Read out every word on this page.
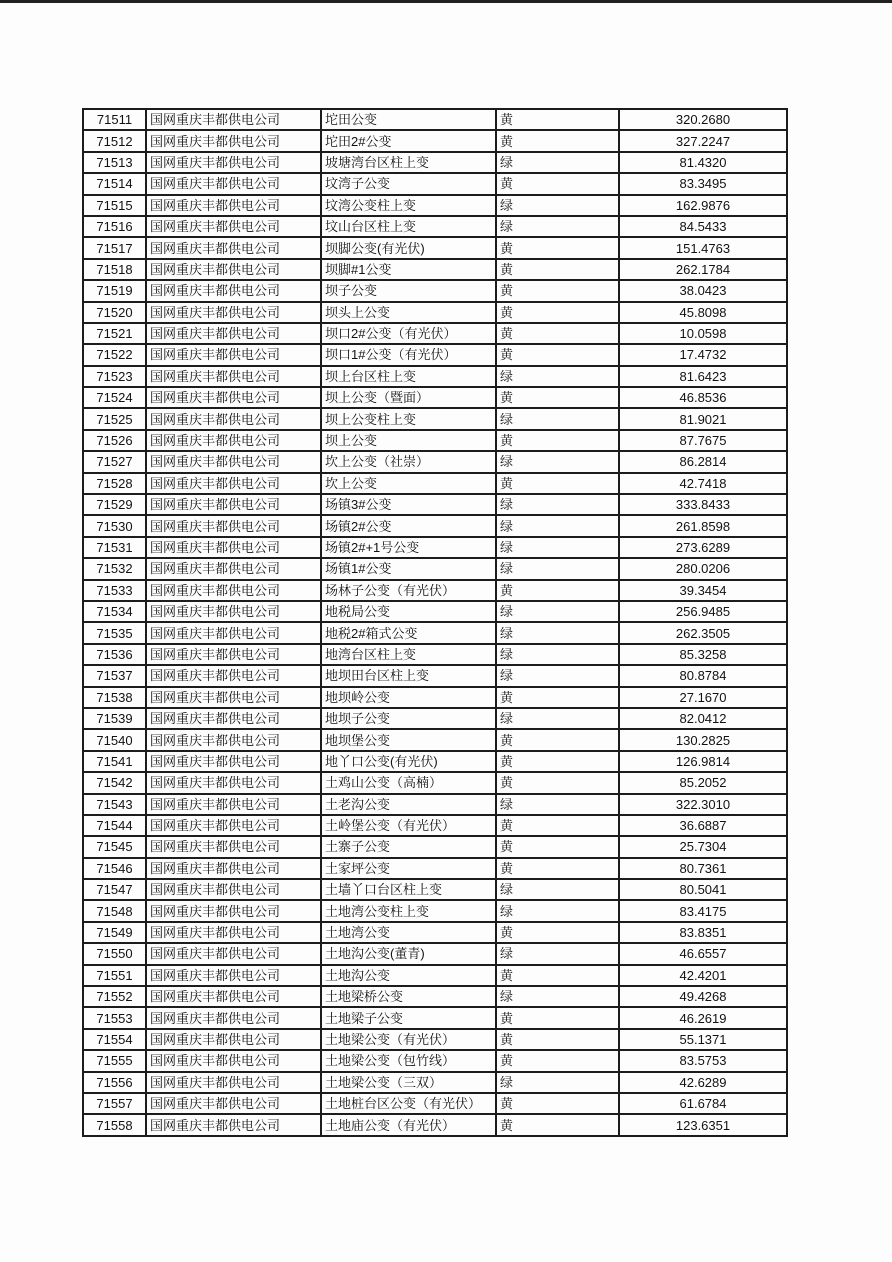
71511	国网重庆丰都供电公司	坨田公变	黄	320.2680
71512	国网重庆丰都供电公司	坨田2#公变	黄	327.2247
71513	国网重庆丰都供电公司	坡塘湾台区柱上变	绿	81.4320
71514	国网重庆丰都供电公司	坟湾子公变	黄	83.3495
71515	国网重庆丰都供电公司	坟湾公变柱上变	绿	162.9876
71516	国网重庆丰都供电公司	坟山台区柱上变	绿	84.5433
71517	国网重庆丰都供电公司	坝脚公变(有光伏)	黄	151.4763
71518	国网重庆丰都供电公司	坝脚#1公变	黄	262.1784
71519	国网重庆丰都供电公司	坝子公变	黄	38.0423
71520	国网重庆丰都供电公司	坝头上公变	黄	45.8098
71521	国网重庆丰都供电公司	坝口2#公变（有光伏）	黄	10.0598
71522	国网重庆丰都供电公司	坝口1#公变（有光伏）	黄	17.4732
71523	国网重庆丰都供电公司	坝上台区柱上变	绿	81.6423
71524	国网重庆丰都供电公司	坝上公变（暨面）	黄	46.8536
71525	国网重庆丰都供电公司	坝上公变柱上变	绿	81.9021
71526	国网重庆丰都供电公司	坝上公变	黄	87.7675
71527	国网重庆丰都供电公司	坎上公变（社崇）	绿	86.2814
71528	国网重庆丰都供电公司	坎上公变	黄	42.7418
71529	国网重庆丰都供电公司	场镇3#公变	绿	333.8433
71530	国网重庆丰都供电公司	场镇2#公变	绿	261.8598
71531	国网重庆丰都供电公司	场镇2#+1号公变	绿	273.6289
71532	国网重庆丰都供电公司	场镇1#公变	绿	280.0206
71533	国网重庆丰都供电公司	场林子公变（有光伏）	黄	39.3454
71534	国网重庆丰都供电公司	地税局公变	绿	256.9485
71535	国网重庆丰都供电公司	地税2#箱式公变	绿	262.3505
71536	国网重庆丰都供电公司	地湾台区柱上变	绿	85.3258
71537	国网重庆丰都供电公司	地坝田台区柱上变	绿	80.8784
71538	国网重庆丰都供电公司	地坝岭公变	黄	27.1670
71539	国网重庆丰都供电公司	地坝子公变	绿	82.0412
71540	国网重庆丰都供电公司	地坝堡公变	黄	130.2825
71541	国网重庆丰都供电公司	地丫口公变(有光伏)	黄	126.9814
71542	国网重庆丰都供电公司	土鸡山公变（高楠）	黄	85.2052
71543	国网重庆丰都供电公司	土老沟公变	绿	322.3010
71544	国网重庆丰都供电公司	土岭堡公变（有光伏）	黄	36.6887
71545	国网重庆丰都供电公司	土寨子公变	黄	25.7304
71546	国网重庆丰都供电公司	土家坪公变	黄	80.7361
71547	国网重庆丰都供电公司	土墙丫口台区柱上变	绿	80.5041
71548	国网重庆丰都供电公司	土地湾公变柱上变	绿	83.4175
71549	国网重庆丰都供电公司	土地湾公变	黄	83.8351
71550	国网重庆丰都供电公司	土地沟公变(董青)	绿	46.6557
71551	国网重庆丰都供电公司	土地沟公变	黄	42.4201
71552	国网重庆丰都供电公司	土地梁桥公变	绿	49.4268
71553	国网重庆丰都供电公司	土地梁子公变	黄	46.2619
71554	国网重庆丰都供电公司	土地梁公变（有光伏）	黄	55.1371
71555	国网重庆丰都供电公司	土地梁公变（包竹线）	黄	83.5753
71556	国网重庆丰都供电公司	土地梁公变（三双）	绿	42.6289
71557	国网重庆丰都供电公司	土地桩台区公变（有光伏）	黄	61.6784
71558	国网重庆丰都供电公司	土地庙公变（有光伏）	黄	123.6351
